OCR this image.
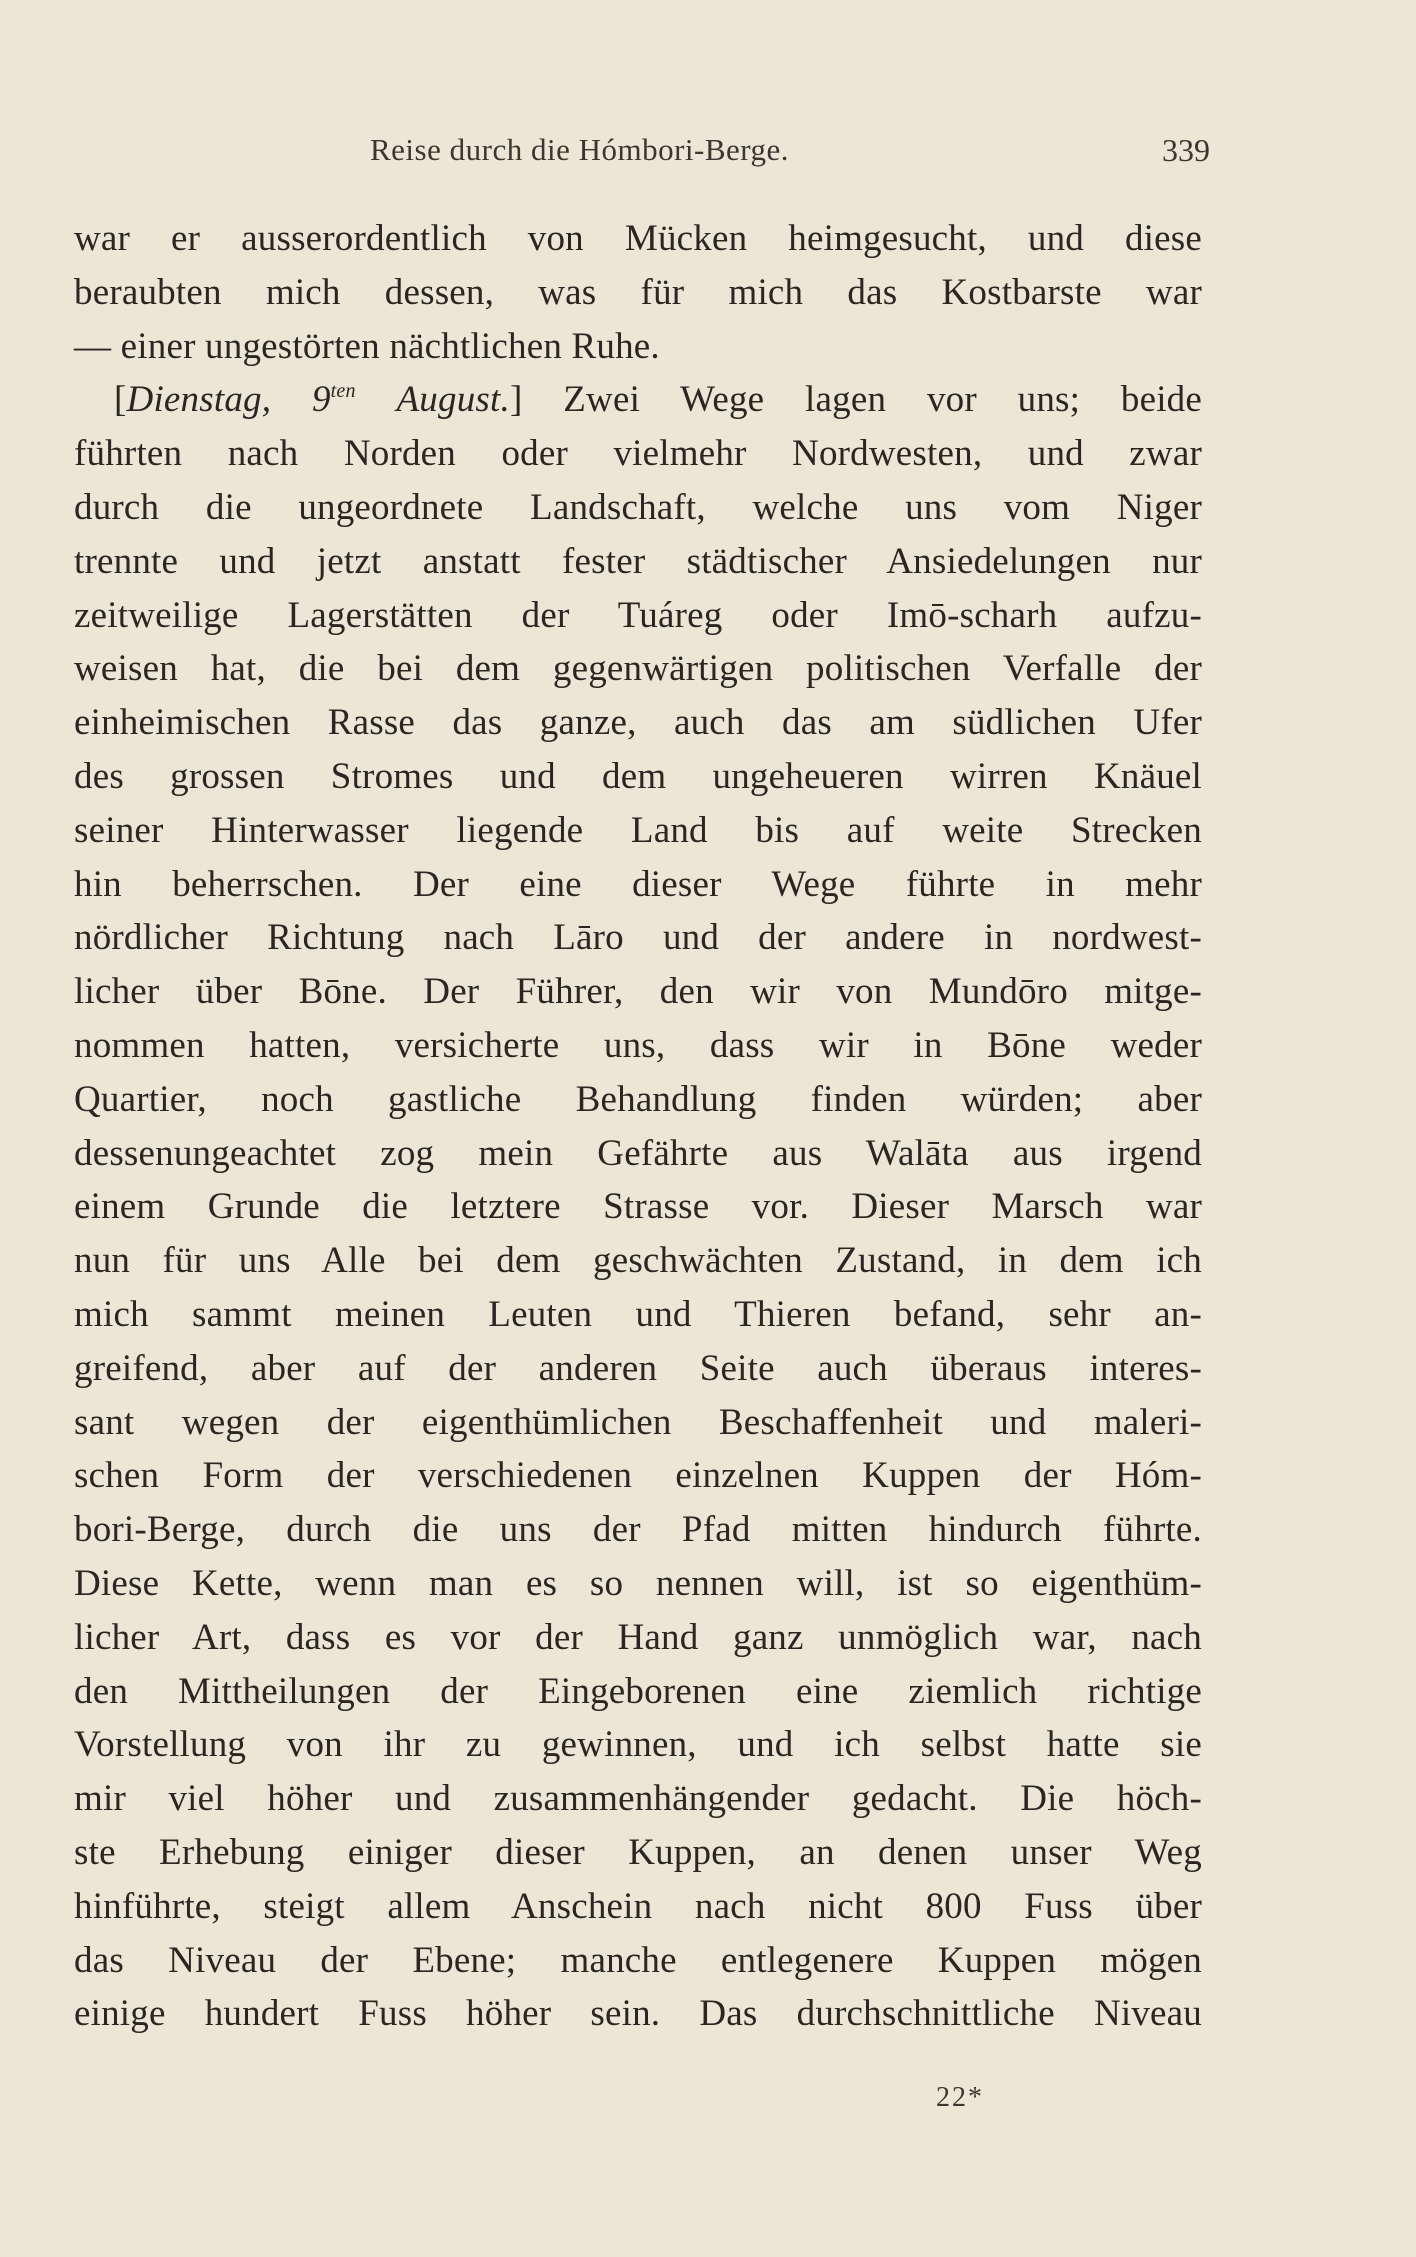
Reise durch die Hómbori-Berge.	339
war er ausserordentlich von Mücken heimgesucht, und diese
beraubten mich dessen, was für mich das Kostbarste war
— einer ungestörten nächtlichen Ruhe.
[Dienstag, $9^{ten}$ August.] Zwei Wege lagen vor uns; beide
führten nach Norden oder vielmehr Nordwesten, und zwar
durch die ungeordnete Landschaft, welche uns vom Niger
trennte und jetzt anstatt fester städtischer Ansiedelungen nur
zeitweilige Lagerstätten der Tuáreg oder Imō-scharh aufzu-
weisen hat, die bei dem gegenwärtigen politischen Verfalle der
einheimischen Rasse das ganze, auch das am südlichen Ufer
des grossen Stromes und dem ungeheueren wirren Knäuel
seiner Hinterwasser liegende Land bis auf weite Strecken
hin beherrschen. Der eine dieser Wege führte in mehr
nördlicher Richtung nach Lāro und der andere in nordwest-
licher über Bōne. Der Führer, den wir von Mundōro mitge-
nommen hatten, versicherte uns, dass wir in Bōne weder
Quartier, noch gastliche Behandlung finden würden; aber
dessenungeachtet zog mein Gefährte aus Walāta aus irgend
einem Grunde die letztere Strasse vor. Dieser Marsch war
nun für uns Alle bei dem geschwächten Zustand, in dem ich
mich sammt meinen Leuten und Thieren befand, sehr an-
greifend, aber auf der anderen Seite auch überaus interes-
sant wegen der eigenthümlichen Beschaffenheit und maleri-
schen Form der verschiedenen einzelnen Kuppen der Hóm-
bori-Berge, durch die uns der Pfad mitten hindurch führte.
Diese Kette, wenn man es so nennen will, ist so eigenthüm-
licher Art, dass es vor der Hand ganz unmöglich war, nach
den Mittheilungen der Eingeborenen eine ziemlich richtige
Vorstellung von ihr zu gewinnen, und ich selbst hatte sie
mir viel höher und zusammenhängender gedacht. Die höch-
ste Erhebung einiger dieser Kuppen, an denen unser Weg
hinführte, steigt allem Anschein nach nicht 800 Fuss über
das Niveau der Ebene; manche entlegenere Kuppen mögen
einige hundert Fuss höher sein. Das durchschnittliche Niveau
22*
